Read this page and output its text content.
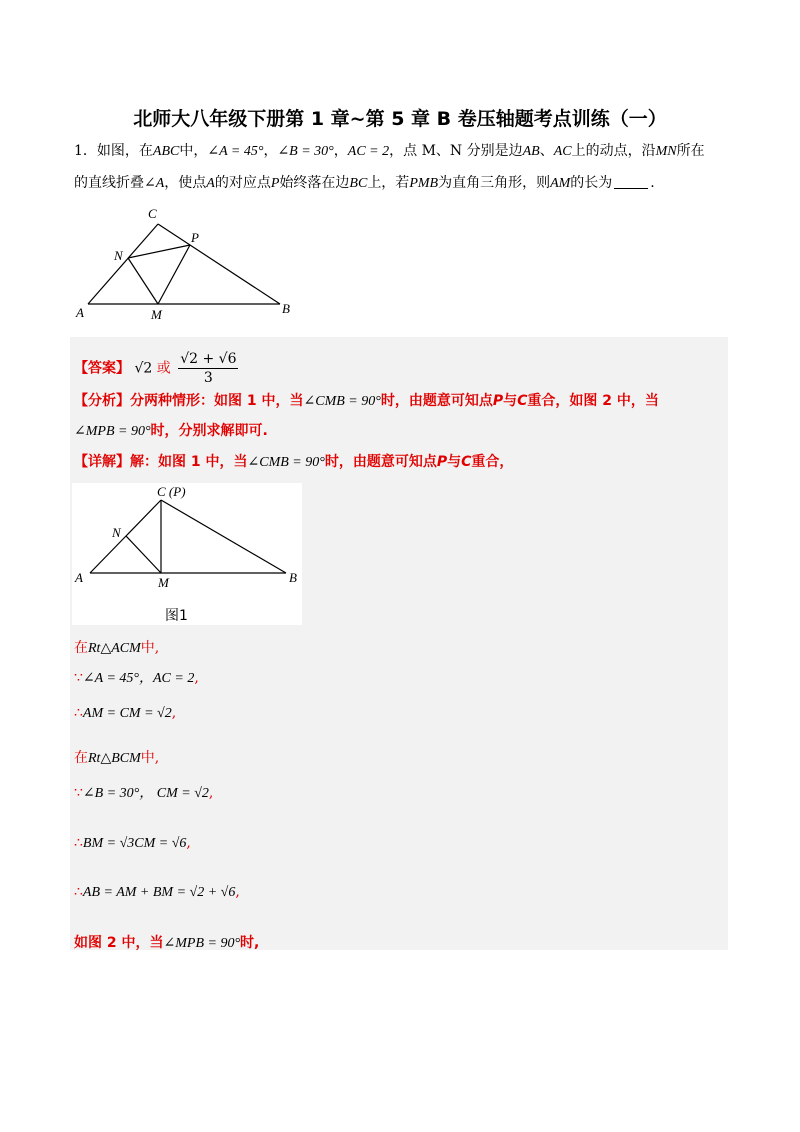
北师大八年级下册第 1 章~第 5 章 B 卷压轴题考点训练（一）
1．如图，在ABC中，∠A = 45°，∠B = 30°，AC = 2，点 M、N 分别是边AB、AC上的动点，沿MN所在
的直线折叠∠A，使点A的对应点P始终落在边BC上，若PMB为直角三角形，则AM的长为	.
C
P
N
A	M	B
【答案】 √2 或 $\frac{√2 + √6}{3}$
【分析】分两种情形：如图 1 中，当∠CMB = 90°时，由题意可知点P与C重合，如图 2 中，当
∠MPB = 90°时，分别求解即可.
【详解】解：如图 1 中，当∠CMB = 90°时，由题意可知点P与C重合，
C (P)
N
A	M	B
图1
在Rt△ACM中,
∵∠A = 45°，AC = 2,
∴AM = CM = √2,
在Rt△BCM中,
∵∠B = 30°， CM = √2,
∴BM = √3CM = √6,
∴AB = AM + BM = √2 + √6,
如图 2 中，当∠MPB = 90°时,
